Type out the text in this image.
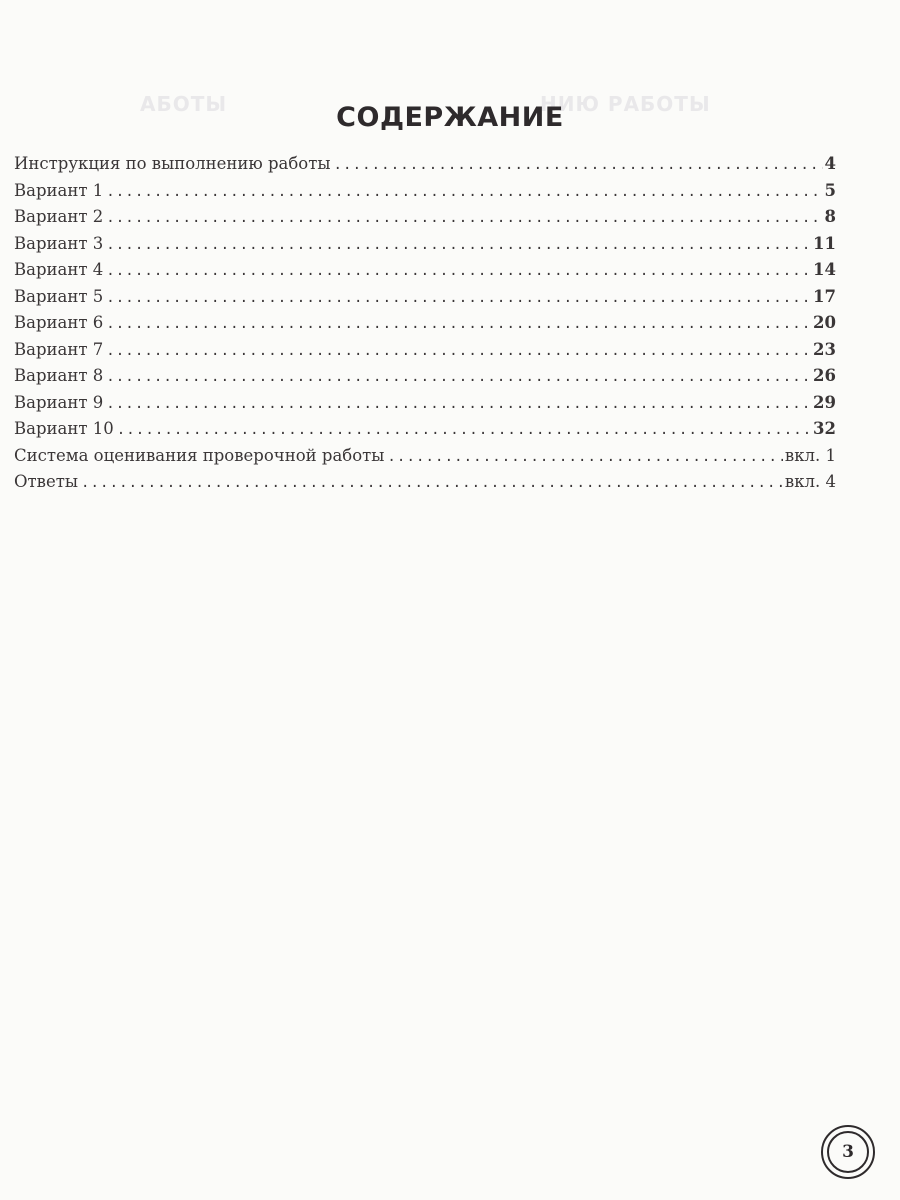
АБОТЫ	НИЮ РАБОТЫ
СОДЕРЖАНИЕ
Инструкция по выполнению работы .....	4
Вариант 1 .....	5
Вариант 2 .....	8
Вариант 3 .....	11
Вариант 4 .....	14
Вариант 5 .....	17
Вариант 6 .....	20
Вариант 7 .....	23
Вариант 8 .....	26
Вариант 9 .....	29
Вариант 10 .....	32
Система оценивания проверочной работы .....	вкл. 1
Ответы .....	вкл. 4
3
